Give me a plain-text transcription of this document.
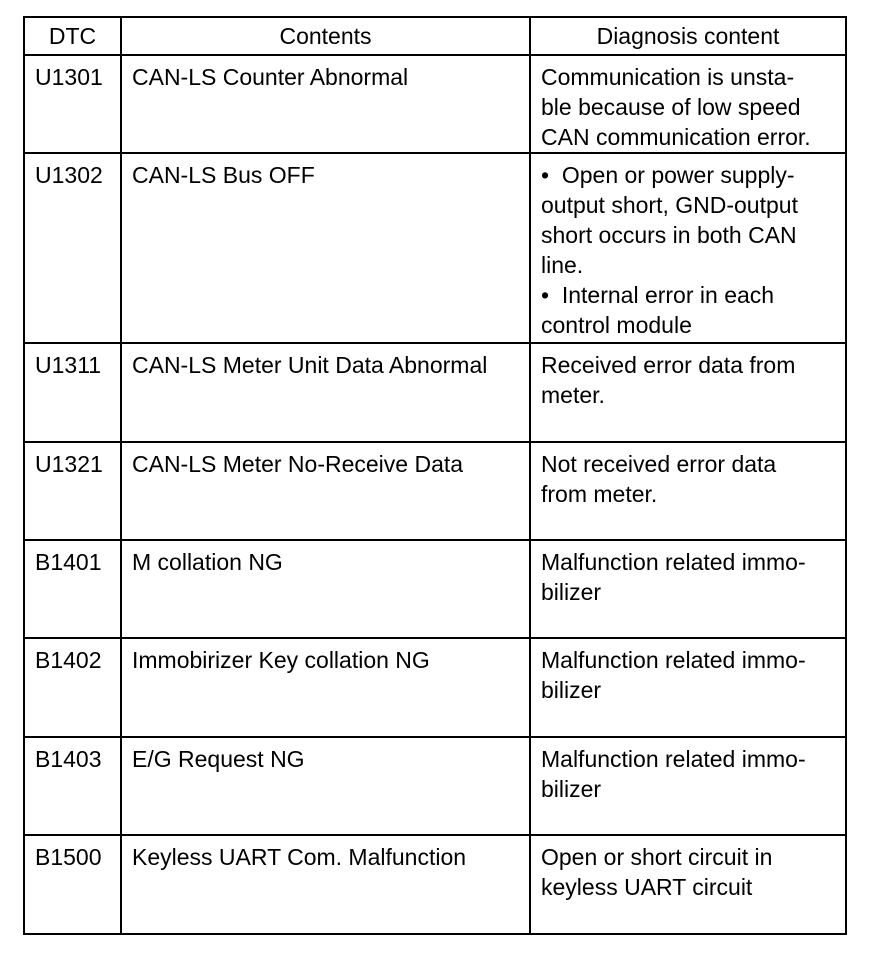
DTC	Contents	Diagnosis content
U1301	CAN-LS Counter Abnormal	Communication is unsta-
ble because of low speed
CAN communication error.

U1302	CAN-LS Bus OFF	•  Open or power supply-output short, GND-output short occurs in both CAN line.
•  Internal error in each control module

U1311	CAN-LS Meter Unit Data Abnormal	Received error data from
meter.

U1321	CAN-LS Meter No-Receive Data	Not received error data
from meter.

B1401	M collation NG	Malfunction related immo-
bilizer

B1402	Immobirizer Key collation NG	Malfunction related immo-
bilizer

B1403	E/G Request NG	Malfunction related immo-
bilizer

B1500	Keyless UART Com. Malfunction	Open or short circuit in
keyless UART circuit
